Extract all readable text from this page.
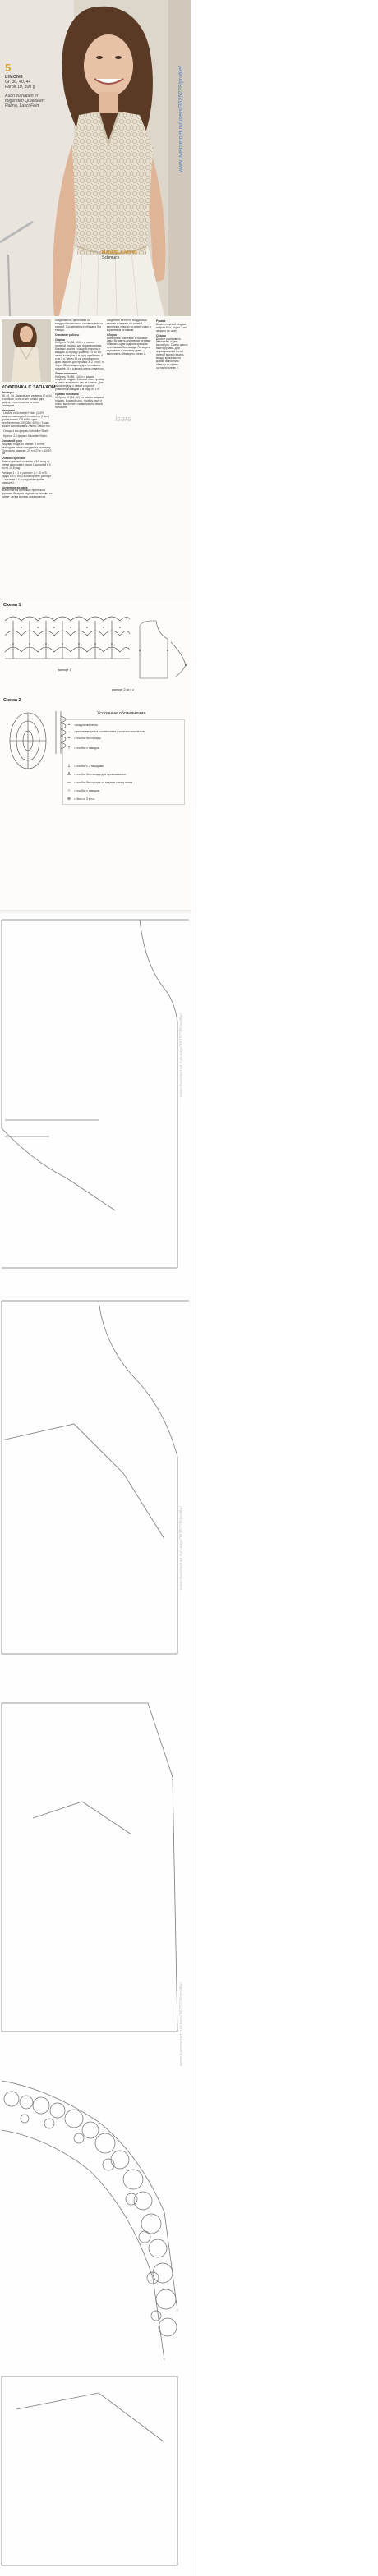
5
LIMONE
Gr. 36, 40, 44
Farbe 10, 300 g
Auch zu haben in
folgenden Qualitäten:
Palma, Lasci Fein
MANUELA NO 40
Schmuck
www.liveinternet.ru/users/3625228/profile/
КОФТОЧКА С ЗАПАХОМ

Размеры
36, 40, 44. Данные для размера 40 и 44 в скобках, если стоит только одна цифра, это относится ко всем размерам.

Материал
• Limone от Schoeller+Stahl (100% микрополиамидный полиэстер (Нано) длина пряжи 135 м/50г. цвет неотбелённая 300 (350, 400)г. • Также можно использовать Palma, Lasci Fein.

• Спицы 4 мм фирмы Schoeller+Stahl.

• Крючок 3,5 фирмы Schoeller+Stahl.

Основной узор
Лицевая гладь по спинке: 4 петли, свободная вязка спицами на половину. Плотность вязания: 20 п и 27 р = 10х10 см

Обвязка крючком
Вязать крючком начиная с 3,5 спиц по схеме крючкового узора 1 шириной с 3 по не 12,8 ряд.

Раппорт 1 = 1 п, раппорт 2 = 15 п. В рядах с 1-го по 3-й повторяйте раппорт 1, начиная с 4-го ряда повторяйте раппорт 2.

Кружевная вставка
Выполняется в технике брюггского кружева. Вяжутся отдельные мотивы по схеме, затем мотивы соединяются.

соединяются, цепочками по воздушным петлям в соответствии со схемой. Сохраняйте столбиками без накида.

Описание работы

Спинка
Набрать 74 (88, 104) п и вязать лицевой гладью, для формирования боковых скосов с каждой стороны в каждом 10-м ряду убавить 4 х по 1 п, затем в каждом 6-м ряду прибавить 4 х по 1 п. Через 15 см от наборного края закрыть для проймы 3, 2 и по 1 п. Через 36 см закрыть для горловины средние 24 п и вязать плечи отдельно.

Левая половина
Набрать 76 (88, 104) п и вязать лицевой гладью. Боковой скос, пройму и плечо выполнять как на спинке. Для скоса переда с левой стороны убавлять в каждом 2-м ряду по 1 п.

Правая половина
Набрать 47 (54, 52) п и вязать лицевой гладью. Боковой скос, пройму, руку и плечо выполнять симметрично левой половине.

соединить петли по воздушным петлям и связать по схеме 1, выполняя обвязку по всему краю и кружевным вставкам.

Сборка
Выполнить плечевые и боковые швы. Вставить кружевные вставки. Обвязать края изделия крючком столбиками без накида. По вырезу горловины и нижнему краю выполнить обвязку по схеме 2.

Isara

Рукава
Вязать лицевой гладью, набрав 60 п. Через 2 см закрыть по окату.

Сборка
Детали расправить, увлажнить и дать высохнуть. Сшить швы и вшить рукава. Для формирования более полной вырезу вязать между кружевом по краям. Выполнить обвязку по краям согласно схеме 2.

Схема 1
раппорт 2 из 4 к
раппорт 1
Схема 2
Условные обозначения
• =воздушная петля
→ =крючок вводить в соответствии с количеством петель
+ =столбик без накида
† =столбик с накидом
‡ =столбик с 2 накидами
Δ =столбик без накида для провязывания
— =столбик без накида за заднюю стенку петли
∩ =столбик с накидом
⊕ =Пико из 3 в.п.с.
www.liveinternet.ru/users/3625228/profile/
www.liveinternet.ru/users/3625228/profile/
www.liveinternet.ru/users/3625228/profile/
